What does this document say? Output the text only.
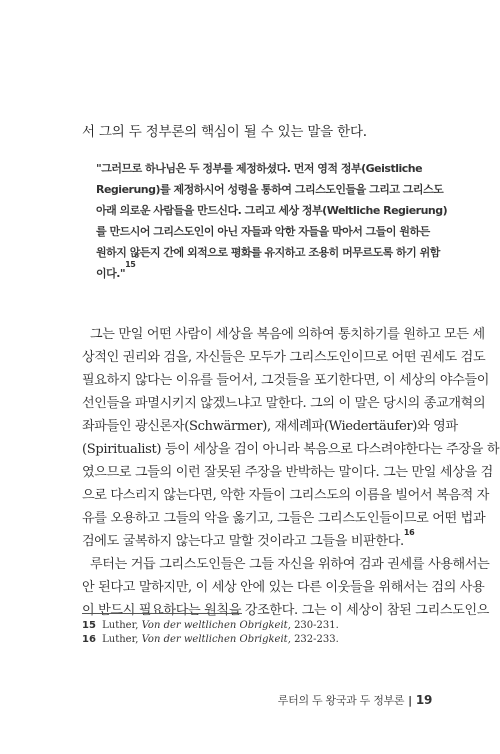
서 그의 두 정부론의 핵심이 될 수 있는 말을 한다.
"그러므로 하나님은 두 정부를 제정하셨다. 먼저 영적 정부(Geistliche
Regierung)를 제정하시어 성령을 통하여 그리스도인들을 그리고 그리스도
아래 의로운 사람들을 만드신다. 그리고 세상 정부(Weltliche Regierung)
를 만드시어 그리스도인이 아닌 자들과 악한 자들을 막아서 그들이 원하든
원하지 않든지 간에 외적으로 평화를 유지하고 조용히 머무르도록 하기 위함
이다."$^{15}$
그는 만일 어떤 사람이 세상을 복음에 의하여 통치하기를 원하고 모든 세
상적인 권리와 검을, 자신들은 모두가 그리스도인이므로 어떤 권세도 검도
필요하지 않다는 이유를 들어서, 그것들을 포기한다면, 이 세상의 야수들이
선인들을 파멸시키지 않겠느냐고 말한다. 그의 이 말은 당시의 종교개혁의
좌파들인 광신론자(Schwärmer), 재세례파(Wiedertäufer)와 영파
(Spiritualist) 등이 세상을 검이 아니라 복음으로 다스려야한다는 주장을 하
였으므로 그들의 이런 잘못된 주장을 반박하는 말이다. 그는 만일 세상을 검
으로 다스리지 않는다면, 악한 자들이 그리스도의 이름을 빌어서 복음적 자
유를 오용하고 그들의 악을 옳기고, 그들은 그리스도인들이므로 어떤 법과
검에도 굴복하지 않는다고 말할 것이라고 그들을 비판한다.$^{16}$
루터는 거듭 그리스도인들은 그들 자신을 위하여 검과 권세를 사용해서는
안 된다고 말하지만, 이 세상 안에 있는 다른 이웃들을 위해서는 검의 사용
이 반드시 필요하다는 원칙을 강조한다. 그는 이 세상이 참된 그리스도인으
15 Luther, Von der weltlichen Obrigkeit, 230-231.
16 Luther, Von der weltlichen Obrigkeit, 232-233.
루터의 두 왕국과 두 정부론 | 19
